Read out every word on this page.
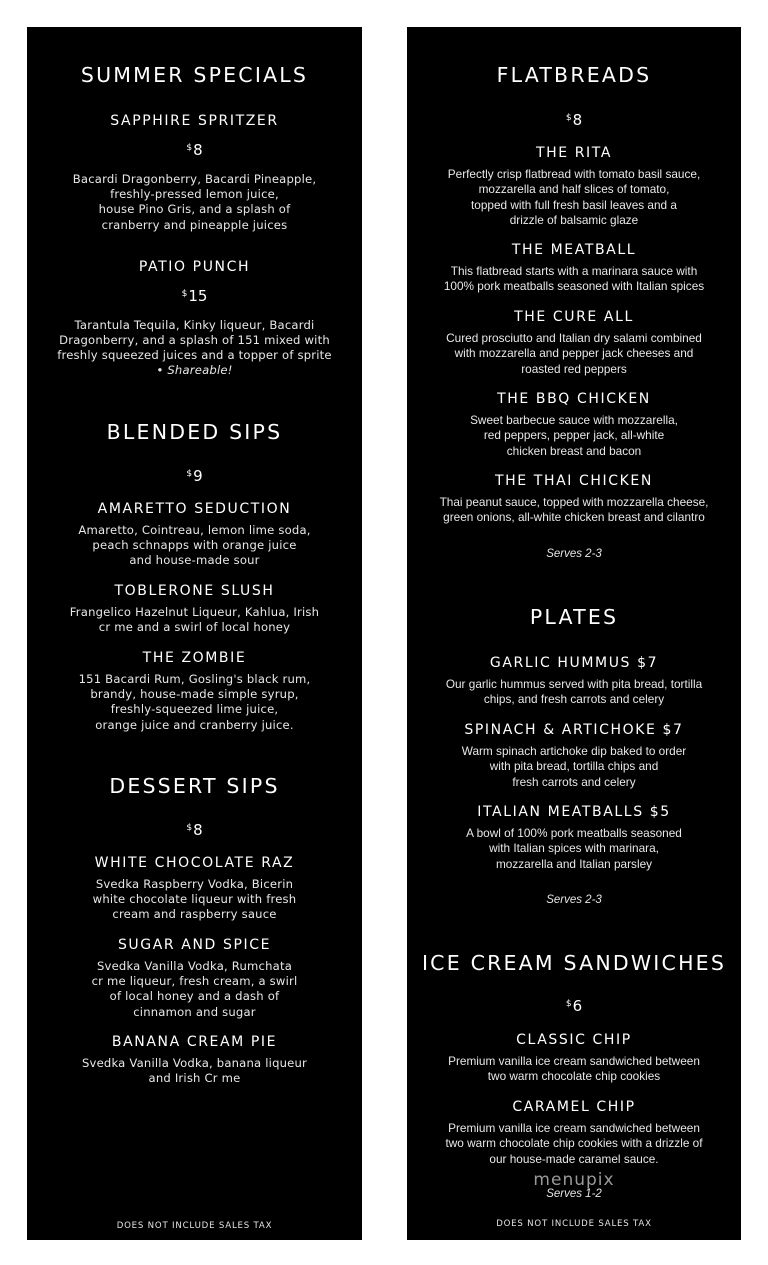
SUMMER SPECIALS
SAPPHIRE SPRITZER
$8
Bacardi Dragonberry, Bacardi Pineapple,
freshly-pressed lemon juice,
house Pino Gris, and a splash of
cranberry and pineapple juices
PATIO PUNCH
$15
Tarantula Tequila, Kinky liqueur, Bacardi
Dragonberry, and a splash of 151 mixed with
freshly squeezed juices and a topper of sprite
• Shareable!
BLENDED SIPS
$9
AMARETTO SEDUCTION
Amaretto, Cointreau, lemon lime soda,
peach schnapps with orange juice
and house-made sour
TOBLERONE SLUSH
Frangelico Hazelnut Liqueur, Kahlua, Irish
cr me and a swirl of local honey
THE ZOMBIE
151 Bacardi Rum, Gosling's black rum,
brandy, house-made simple syrup,
freshly-squeezed lime juice,
orange juice and cranberry juice.
DESSERT SIPS
$8
WHITE CHOCOLATE RAZ
Svedka Raspberry Vodka, Bicerin
white chocolate liqueur with fresh
cream and raspberry sauce
SUGAR AND SPICE
Svedka Vanilla Vodka, Rumchata
cr me liqueur, fresh cream, a swirl
of local honey and a dash of
cinnamon and sugar
BANANA CREAM PIE
Svedka Vanilla Vodka, banana liqueur
and Irish Cr me
DOES NOT INCLUDE SALES TAX
FLATBREADS
$8
THE RITA
Perfectly crisp flatbread with tomato basil sauce,
mozzarella and half slices of tomato,
topped with full fresh basil leaves and a
drizzle of balsamic glaze
THE MEATBALL
This flatbread starts with a marinara sauce with
100% pork meatballs seasoned with Italian spices
THE CURE ALL
Cured prosciutto and Italian dry salami combined
with mozzarella and pepper jack cheeses and
roasted red peppers
THE BBQ CHICKEN
Sweet barbecue sauce with mozzarella,
red peppers, pepper jack, all-white
chicken breast and bacon
THE THAI CHICKEN
Thai peanut sauce, topped with mozzarella cheese,
green onions, all-white chicken breast and cilantro
Serves 2-3
PLATES
GARLIC HUMMUS $7
Our garlic hummus served with pita bread, tortilla
chips, and fresh carrots and celery
SPINACH & ARTICHOKE $7
Warm spinach artichoke dip baked to order
with pita bread, tortilla chips and
fresh carrots and celery
ITALIAN MEATBALLS $5
A bowl of 100% pork meatballs seasoned
with Italian spices with marinara,
mozzarella and Italian parsley
Serves 2-3
ICE CREAM SANDWICHES
$6
CLASSIC CHIP
Premium vanilla ice cream sandwiched between
two warm chocolate chip cookies
CARAMEL CHIP
Premium vanilla ice cream sandwiched between
two warm chocolate chip cookies with a drizzle of
our house-made caramel sauce.
menupix
Serves 1-2
DOES NOT INCLUDE SALES TAX
